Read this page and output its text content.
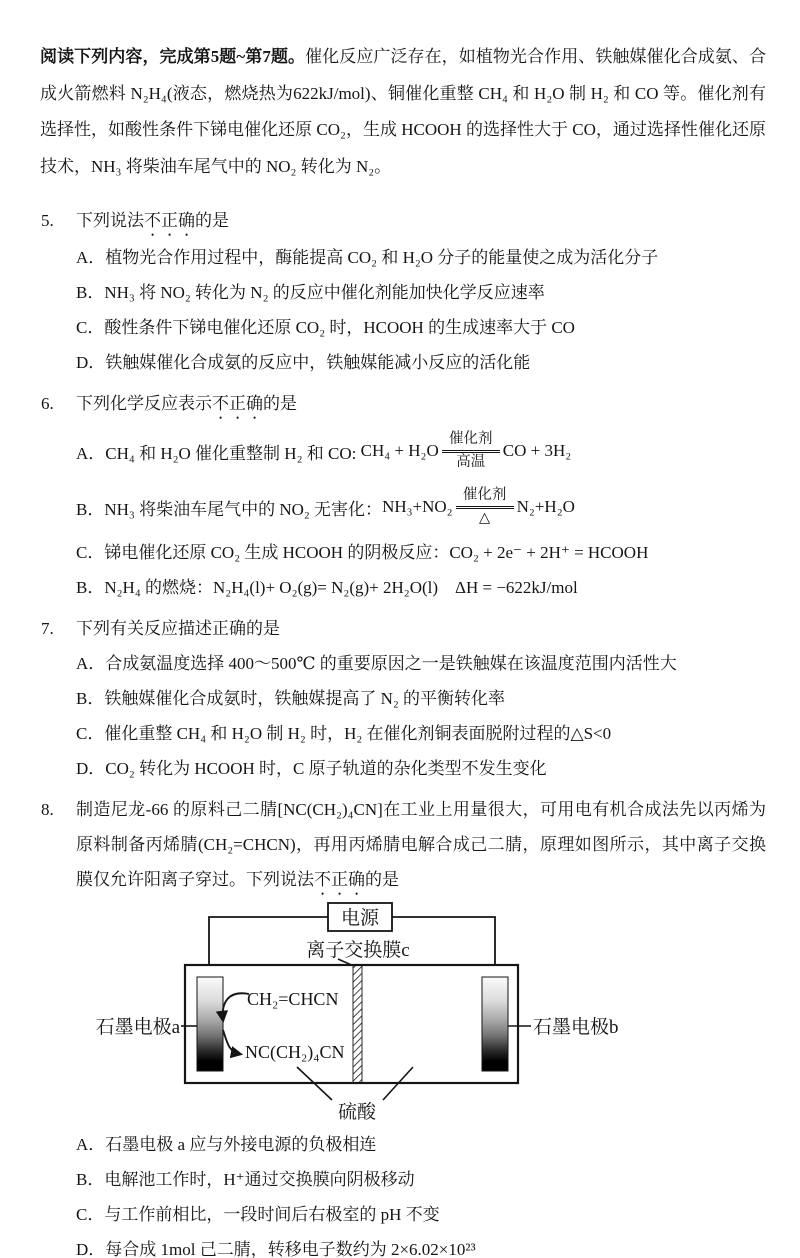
阅读下列内容，完成第5题~第7题。催化反应广泛存在，如植物光合作用、铁触媒催化合成氨、合成火箭燃料 N₂H₄(液态，燃烧热为622kJ/mol)、铜催化重整 CH₄ 和 H₂O 制 H₂ 和 CO 等。催化剂有选择性，如酸性条件下锑电催化还原 CO₂，生成 HCOOH 的选择性大于 CO，通过选择性催化还原技术，NH₃ 将柴油车尾气中的 NO₂ 转化为 N₂。

5. 下列说法不正确的是
A．植物光合作用过程中，酶能提高 CO₂ 和 H₂O 分子的能量使之成为活化分子
B．NH₃ 将 NO₂ 转化为 N₂ 的反应中催化剂能加快化学反应速率
C．酸性条件下锑电催化还原 CO₂ 时，HCOOH 的生成速率大于 CO
D．铁触媒催化合成氨的反应中，铁触媒能减小反应的活化能
6. 下列化学反应表示不正确的是
A． CH₄ 和 H₂O 催化重整制 H₂ 和 CO: CH₄ + H₂O
催化剂
高温
CO + 3H₂
B． NH₃ 将柴油车尾气中的 NO₂ 无害化： NH₃+NO₂
催化剂
△
N₂+H₂O
C．锑电催化还原 CO₂ 生成 HCOOH 的阴极反应：CO₂ + 2e⁻ + 2H⁺ = HCOOH
B．N₂H₄ 的燃烧：N₂H₄(l)+ O₂(g)= N₂(g)+ 2H₂O(l)　ΔH = −622kJ/mol
7. 下列有关反应描述正确的是
A．合成氨温度选择 400～500℃ 的重要原因之一是铁触媒在该温度范围内活性大
B．铁触媒催化合成氨时，铁触媒提高了 N₂ 的平衡转化率
C．催化重整 CH₄ 和 H₂O 制 H₂ 时，H₂ 在催化剂铜表面脱附过程的△S<0
D．CO₂ 转化为 HCOOH 时，C 原子轨道的杂化类型不发生变化
8. 制造尼龙-66 的原料己二腈[NC(CH₂)₄CN]在工业上用量很大，可用电有机合成法先以丙烯为原料制备丙烯腈(CH₂=CHCN)，再用丙烯腈电解合成己二腈，原理如图所示，其中离子交换膜仅允许阳离子穿过。下列说法不正确的是

电源
离子交换膜c
石墨电极a	石墨电极b
CH₂=CHCN
NC(CH₂)₄CN
硫酸
A．石墨电极 a 应与外接电源的负极相连
B．电解池工作时，H⁺通过交换膜向阴极移动
C．与工作前相比，一段时间后右极室的 pH 不变
D．每合成 1mol 己二腈，转移电子数约为 2×6.02×10²³
